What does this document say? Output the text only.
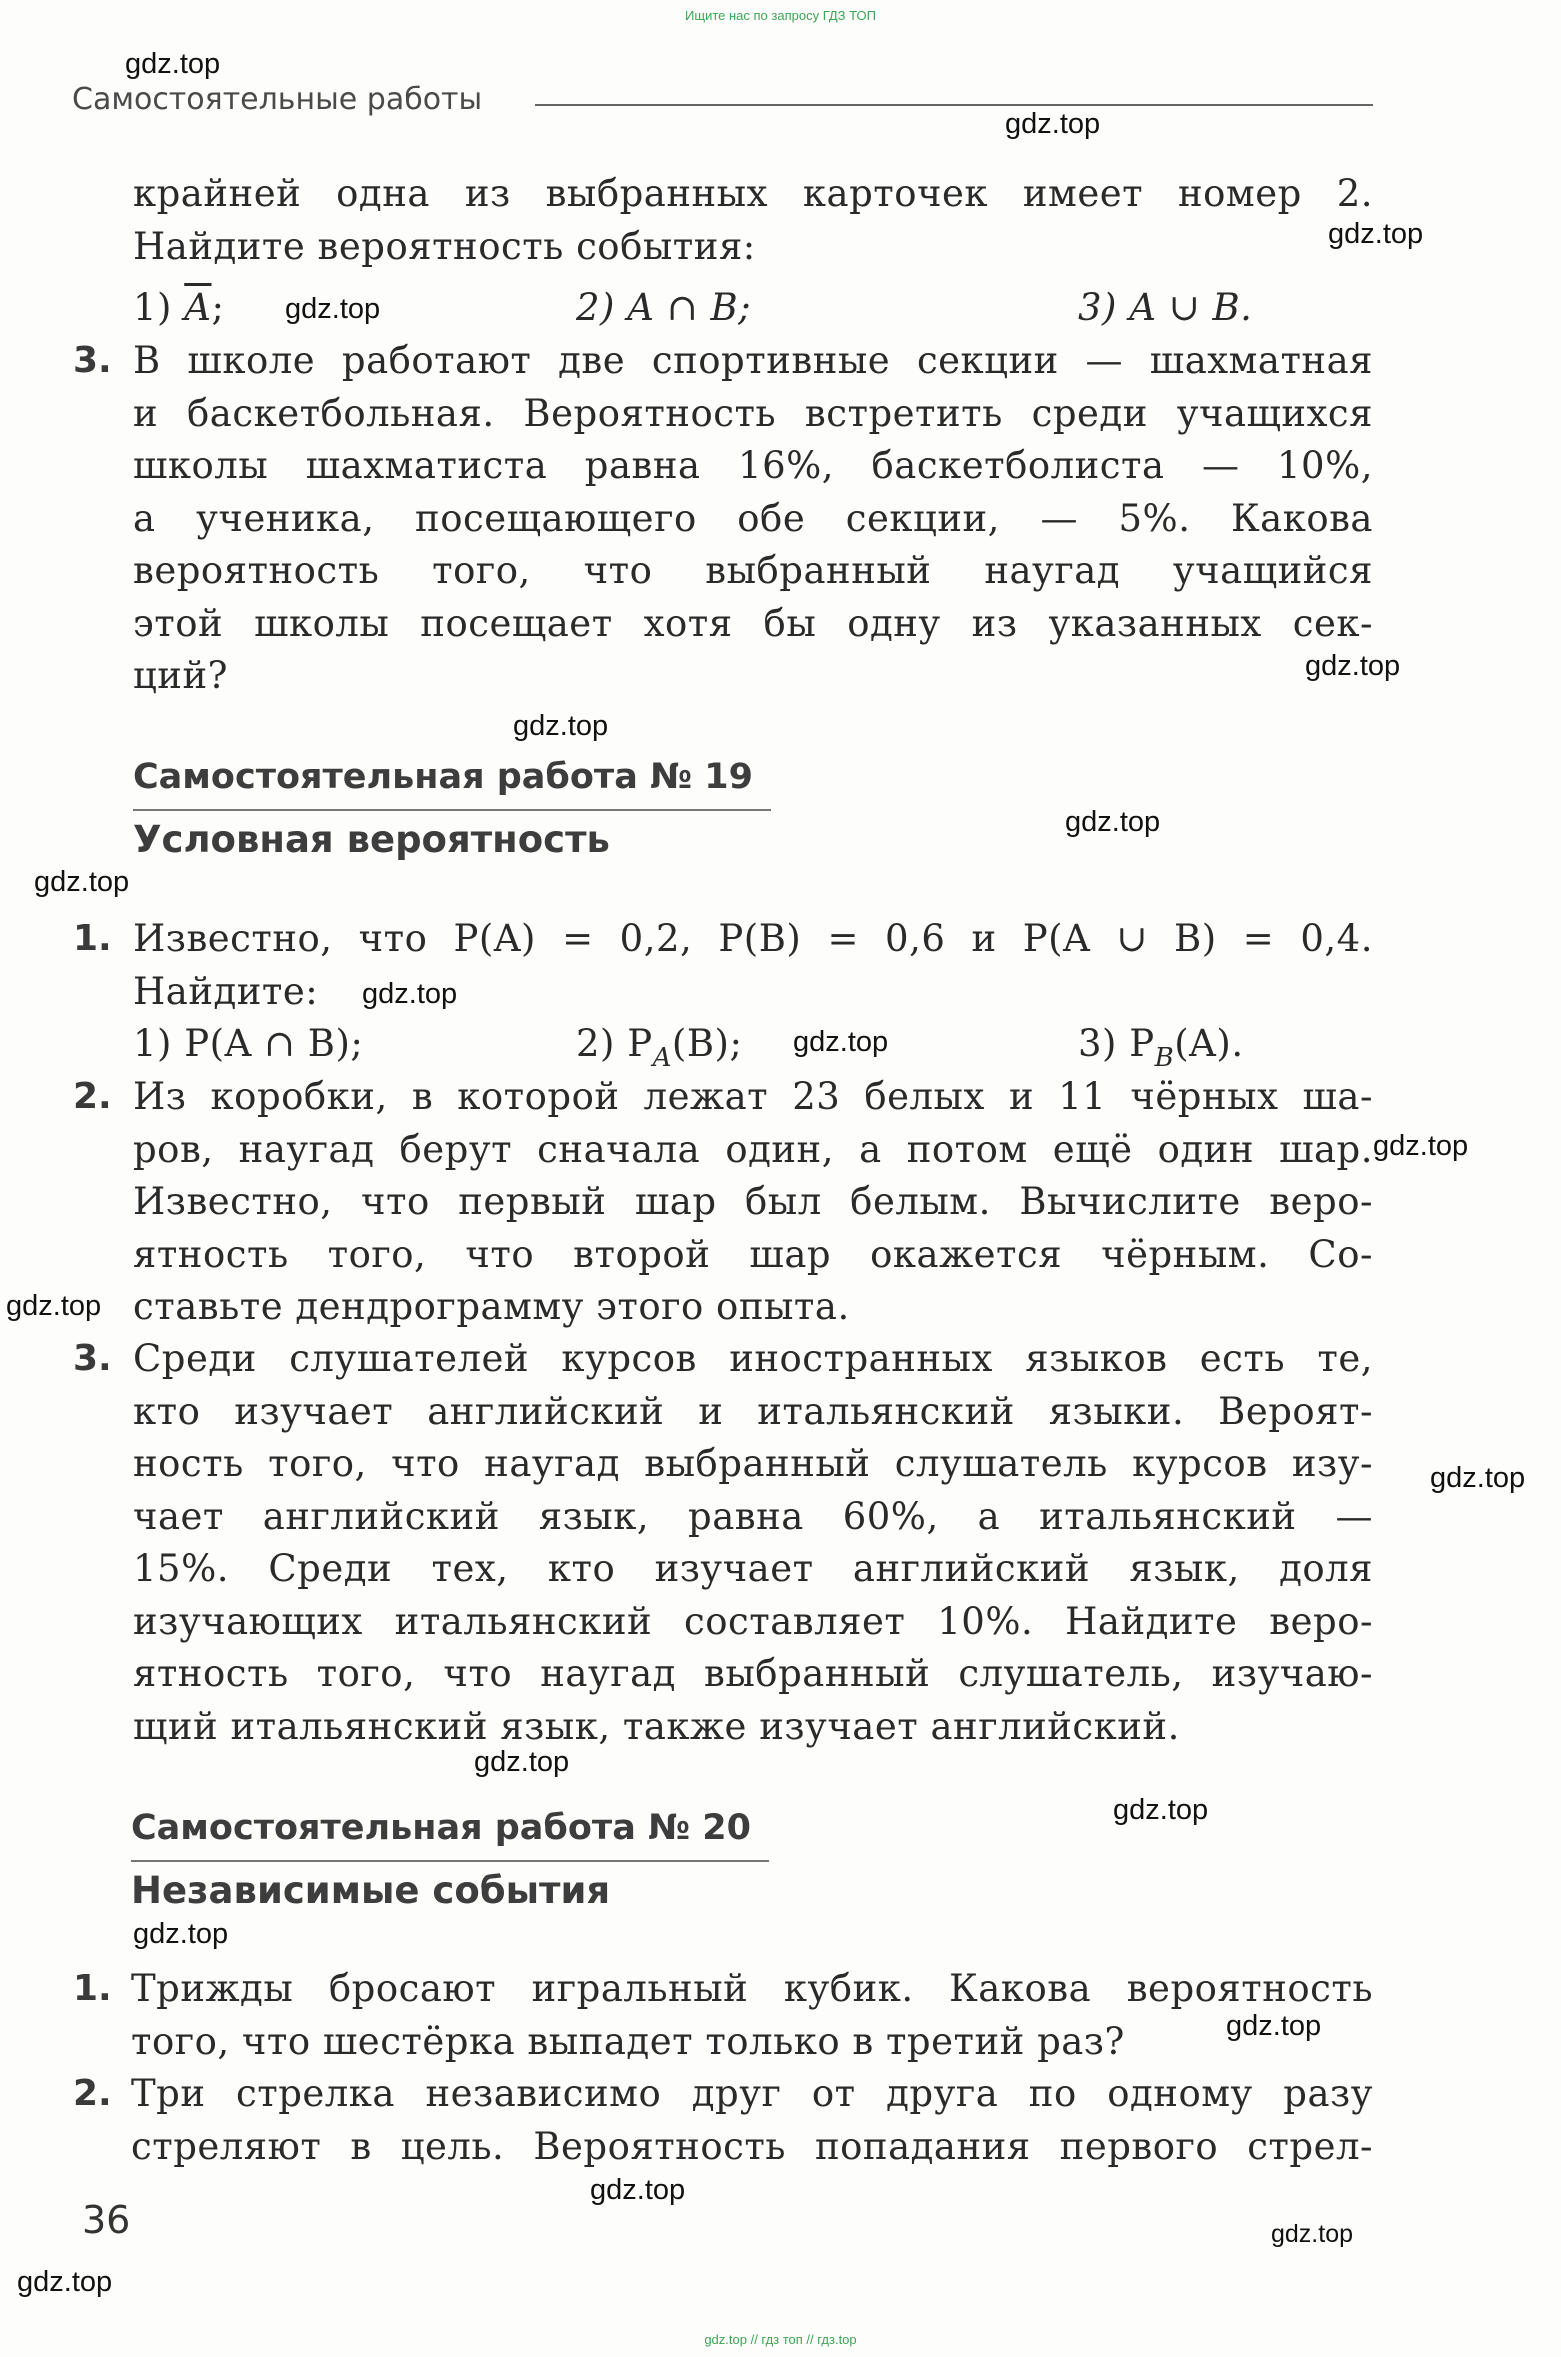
Ищите нас по запросу ГДЗ ТОП
gdz.top // гдз топ // гдз.top
Самостоятельные работы
крайней одна из выбранных карточек имеет номер 2.
Найдите вероятность события:
1) $\overline{A}$;	2) A ∩ B;	3) A ∪ B.
3. В школе работают две спортивные секции — шахматная
и баскетбольная. Вероятность встретить среди учащихся
школы шахматиста равна 16%, баскетболиста — 10%,
а ученика, посещающего обе секции, — 5%. Какова
вероятность того, что выбранный наугад учащийся
этой школы посещает хотя бы одну из указанных сек-
ций?
Самостоятельная работа № 19
Условная вероятность
1. Известно, что P(A) = 0,2, P(B) = 0,6 и P(A ∪ B) = 0,4.
Найдите:
1) P(A ∩ B);	2) $P_A(B)$;	3) $P_B(A)$.
2. Из коробки, в которой лежат 23 белых и 11 чёрных ша-
ров, наугад берут сначала один, а потом ещё один шар.
Известно, что первый шар был белым. Вычислите веро-
ятность того, что второй шар окажется чёрным. Со-
ставьте дендрограмму этого опыта.
3. Среди слушателей курсов иностранных языков есть те,
кто изучает английский и итальянский языки. Вероят-
ность того, что наугад выбранный слушатель курсов изу-
чает английский язык, равна 60%, а итальянский —
15%. Среди тех, кто изучает английский язык, доля
изучающих итальянский составляет 10%. Найдите веро-
ятность того, что наугад выбранный слушатель, изучаю-
щий итальянский язык, также изучает английский.
Самостоятельная работа № 20
Независимые события
1. Трижды бросают игральный кубик. Какова вероятность
того, что шестёрка выпадет только в третий раз?
2. Три стрелка независимо друг от друга по одному разу
стреляют в цель. Вероятность попадания первого стрел-
36
gdz.top
gdz.top
gdz.top
gdz.top
gdz.top
gdz.top
gdz.top
gdz.top
gdz.top
gdz.top
gdz.top
gdz.top
gdz.top
gdz.top
gdz.top
gdz.top
gdz.top
gdz.top
gdz.top
gdz.top
